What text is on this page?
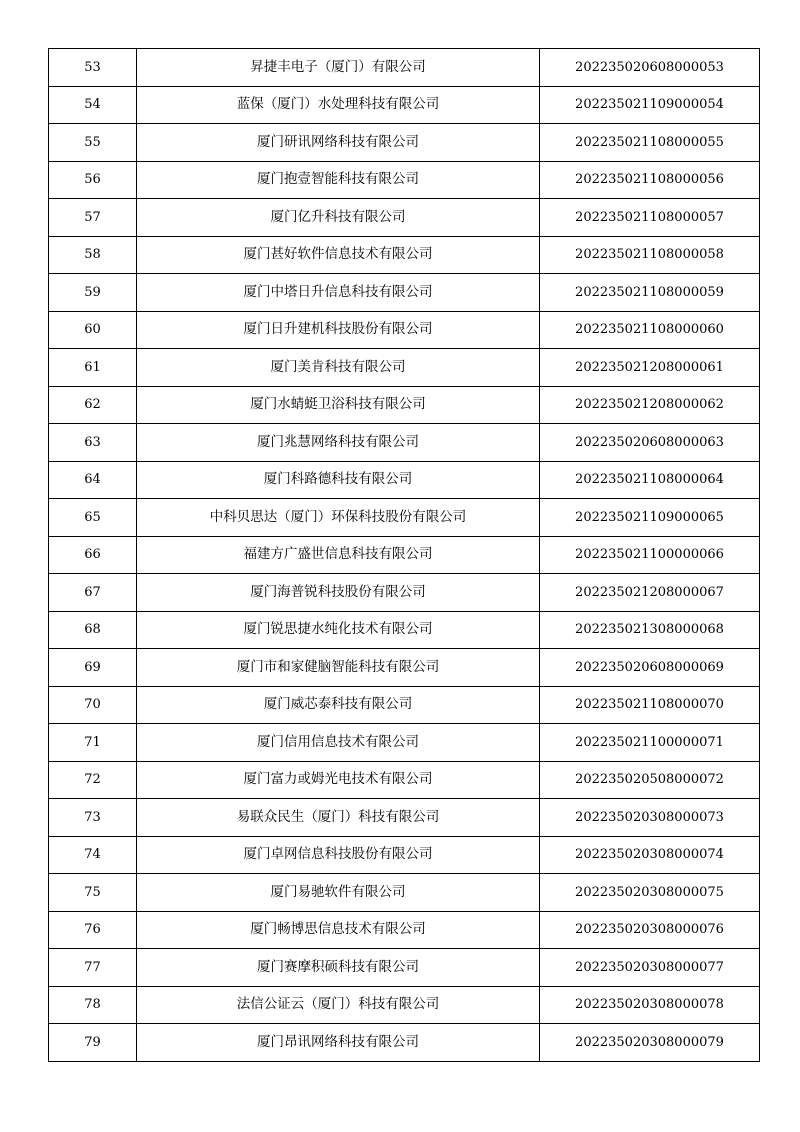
53	昇捷丰电子（厦门）有限公司	202235020608000053
54	蓝保（厦门）水处理科技有限公司	202235021109000054
55	厦门研讯网络科技有限公司	202235021108000055
56	厦门抱壹智能科技有限公司	202235021108000056
57	厦门亿升科技有限公司	202235021108000057
58	厦门甚好软件信息技术有限公司	202235021108000058
59	厦门中塔日升信息科技有限公司	202235021108000059
60	厦门日升建机科技股份有限公司	202235021108000060
61	厦门美肯科技有限公司	202235021208000061
62	厦门水蜻蜓卫浴科技有限公司	202235021208000062
63	厦门兆慧网络科技有限公司	202235020608000063
64	厦门科路德科技有限公司	202235021108000064
65	中科贝思达（厦门）环保科技股份有限公司	202235021109000065
66	福建方广盛世信息科技有限公司	202235021100000066
67	厦门海普锐科技股份有限公司	202235021208000067
68	厦门锐思捷水纯化技术有限公司	202235021308000068
69	厦门市和家健脑智能科技有限公司	202235020608000069
70	厦门威芯泰科技有限公司	202235021108000070
71	厦门信用信息技术有限公司	202235021100000071
72	厦门富力或姆光电技术有限公司	202235020508000072
73	易联众民生（厦门）科技有限公司	202235020308000073
74	厦门卓网信息科技股份有限公司	202235020308000074
75	厦门易驰软件有限公司	202235020308000075
76	厦门畅博思信息技术有限公司	202235020308000076
77	厦门赛摩积硕科技有限公司	202235020308000077
78	法信公证云（厦门）科技有限公司	202235020308000078
79	厦门昂讯网络科技有限公司	202235020308000079
